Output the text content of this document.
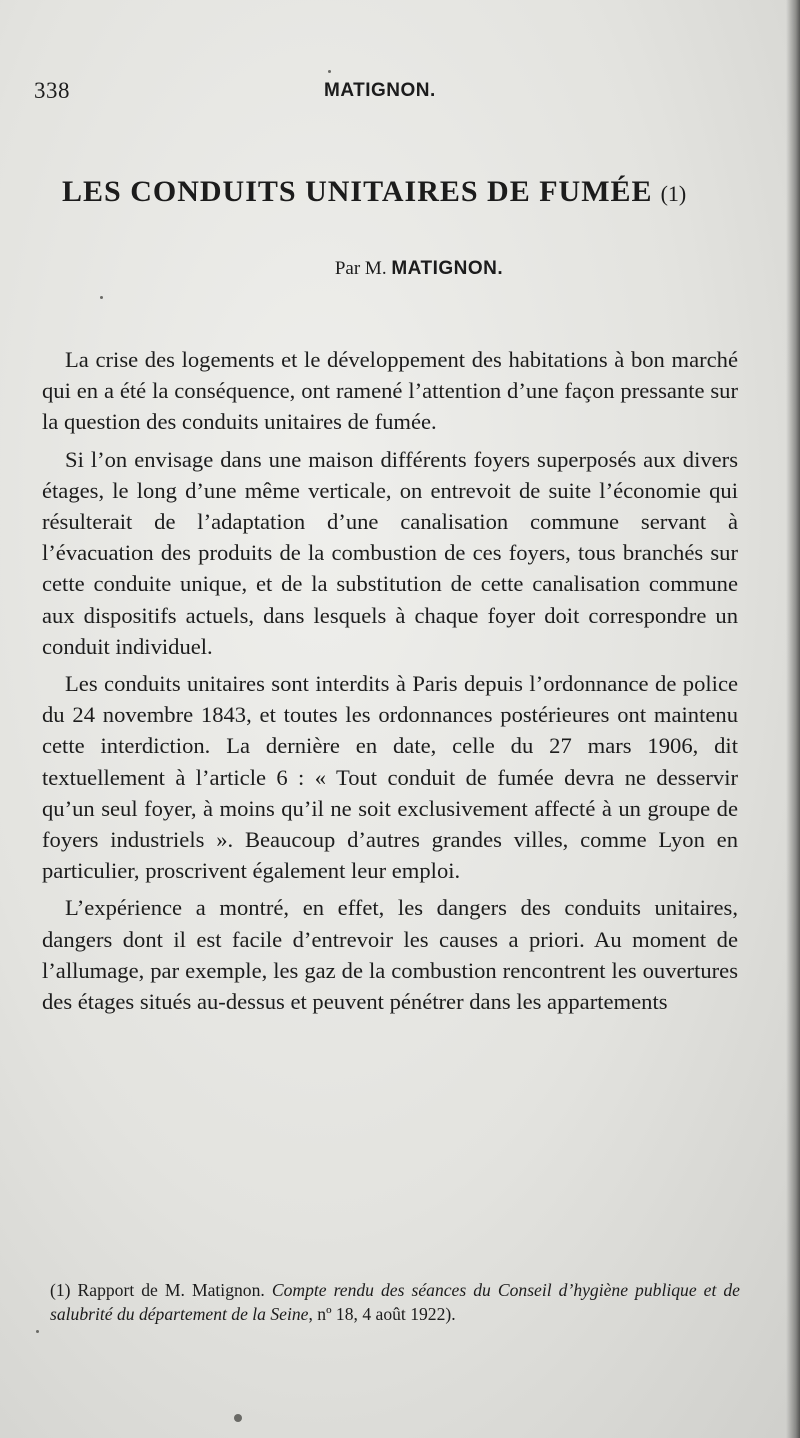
338	MATIGNON.
LES CONDUITS UNITAIRES DE FUMÉE (1)
Par M. MATIGNON.

La crise des logements et le développement des habitations à bon marché qui en a été la conséquence, ont ramené l’attention d’une façon pressante sur la question des conduits unitaires de fumée.

Si l’on envisage dans une maison différents foyers superposés aux divers étages, le long d’une même verticale, on entrevoit de suite l’économie qui résulterait de l’adaptation d’une canalisation commune servant à l’évacuation des produits de la combustion de ces foyers, tous branchés sur cette conduite unique, et de la substitution de cette canalisation commune aux dispositifs actuels, dans lesquels à chaque foyer doit correspondre un conduit individuel.

Les conduits unitaires sont interdits à Paris depuis l’ordonnance de police du 24 novembre 1843, et toutes les ordonnances postérieures ont maintenu cette interdiction. La dernière en date, celle du 27 mars 1906, dit textuellement à l’article 6 : « Tout conduit de fumée devra ne desservir qu’un seul foyer, à moins qu’il ne soit exclusivement affecté à un groupe de foyers industriels ». Beaucoup d’autres grandes villes, comme Lyon en particulier, proscrivent également leur emploi.

L’expérience a montré, en effet, les dangers des conduits unitaires, dangers dont il est facile d’entrevoir les causes a priori. Au moment de l’allumage, par exemple, les gaz de la combustion rencontrent les ouvertures des étages situés au-dessus et peuvent pénétrer dans les appartements

(1) Rapport de M. Matignon. Compte rendu des séances du Conseil d’hygiène publique et de salubrité du département de la Seine, nº 18, 4 août 1922).
